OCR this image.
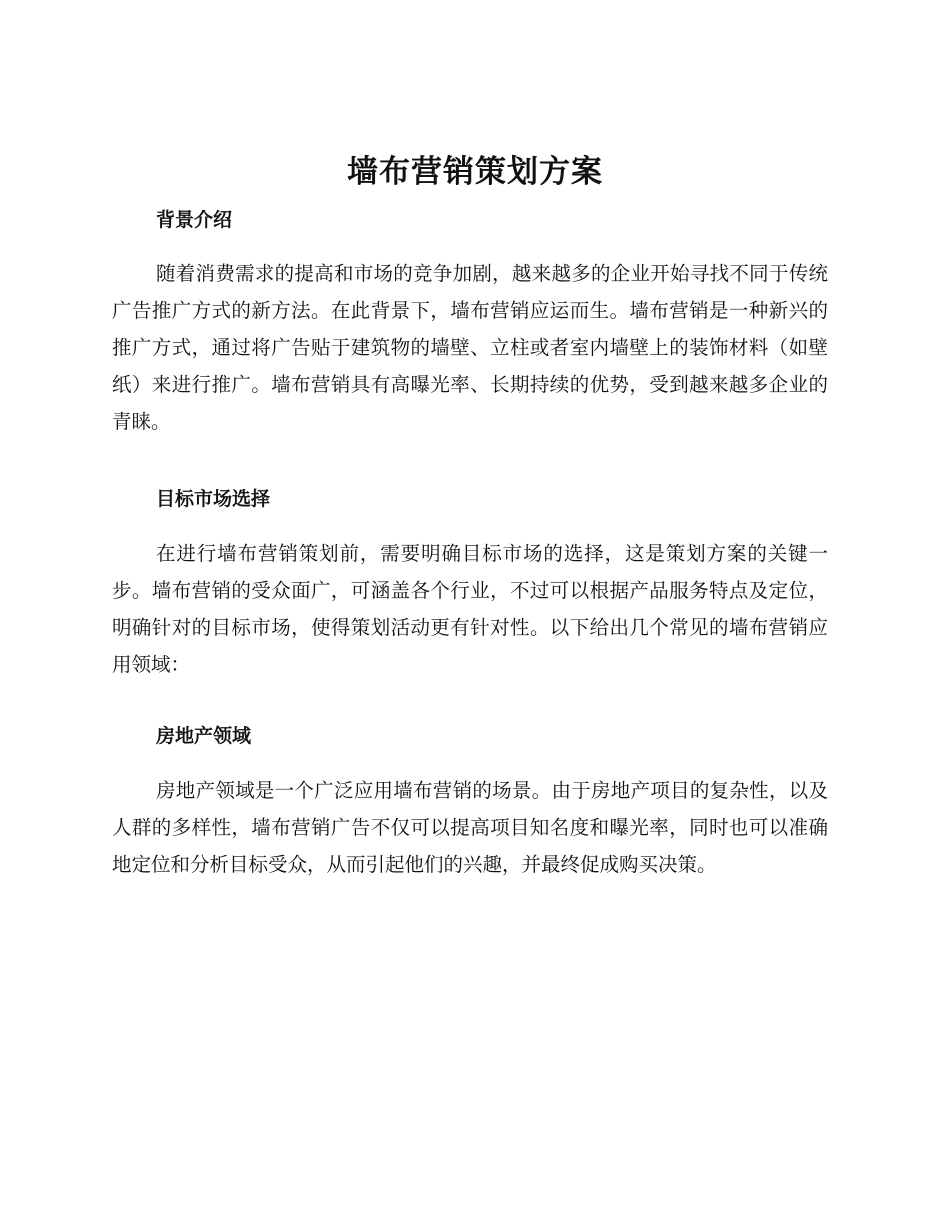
墙布营销策划方案
背景介绍

随着消费需求的提高和市场的竞争加剧，越来越多的企业开始寻找不同于传统广告推广方式的新方法。在此背景下，墙布营销应运而生。墙布营销是一种新兴的推广方式，通过将广告贴于建筑物的墙壁、立柱或者室内墙壁上的装饰材料（如壁纸）来进行推广。墙布营销具有高曝光率、长期持续的优势，受到越来越多企业的青睐。

目标市场选择

在进行墙布营销策划前，需要明确目标市场的选择，这是策划方案的关键一步。墙布营销的受众面广，可涵盖各个行业，不过可以根据产品服务特点及定位，明确针对的目标市场，使得策划活动更有针对性。以下给出几个常见的墙布营销应用领域：

房地产领域

房地产领域是一个广泛应用墙布营销的场景。由于房地产项目的复杂性，以及人群的多样性，墙布营销广告不仅可以提高项目知名度和曝光率，同时也可以准确地定位和分析目标受众，从而引起他们的兴趣，并最终促成购买决策。
